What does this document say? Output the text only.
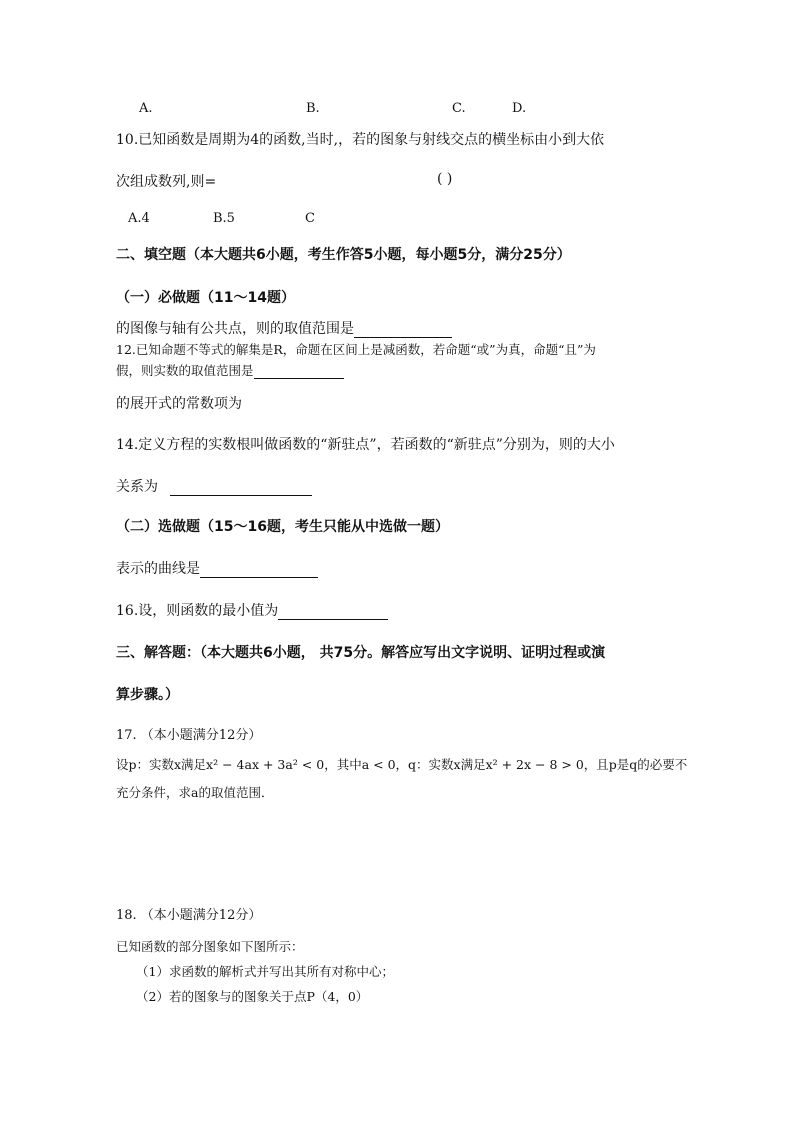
A.	B.	C.	D.
10.已知函数是周期为4的函数,当时,，若的图象与射线交点的横坐标由小到大依
次组成数列,则=	( )
A.4	B.5	C
二、填空题（本大题共6小题，考生作答5小题，每小题5分，满分25分）
（一）必做题（11～14题）
的图像与轴有公共点，则的取值范围是
12.已知命题不等式的解集是R，命题在区间上是减函数，若命题“或”为真，命题“且”为
假，则实数的取值范围是
的展开式的常数项为
14.定义方程的实数根叫做函数的“新驻点”，若函数的“新驻点”分别为，则的大小
关系为
（二）选做题（15～16题，考生只能从中选做一题）
表示的曲线是
16.设，则函数的最小值为
三、解答题：（本大题共6小题， 共75分。解答应写出文字说明、证明过程或演
算步骤。）
17. （本小题满分12分）
设p：实数x满足x² − 4ax + 3a² < 0，其中a < 0，q：实数x满足x² + 2x − 8 > 0，且p是q的必要不
充分条件，求a的取值范围．
18. （本小题满分12分）
已知函数的部分图象如下图所示：
（1）求函数的解析式并写出其所有对称中心；
（2）若的图象与的图象关于点P（4，0）
